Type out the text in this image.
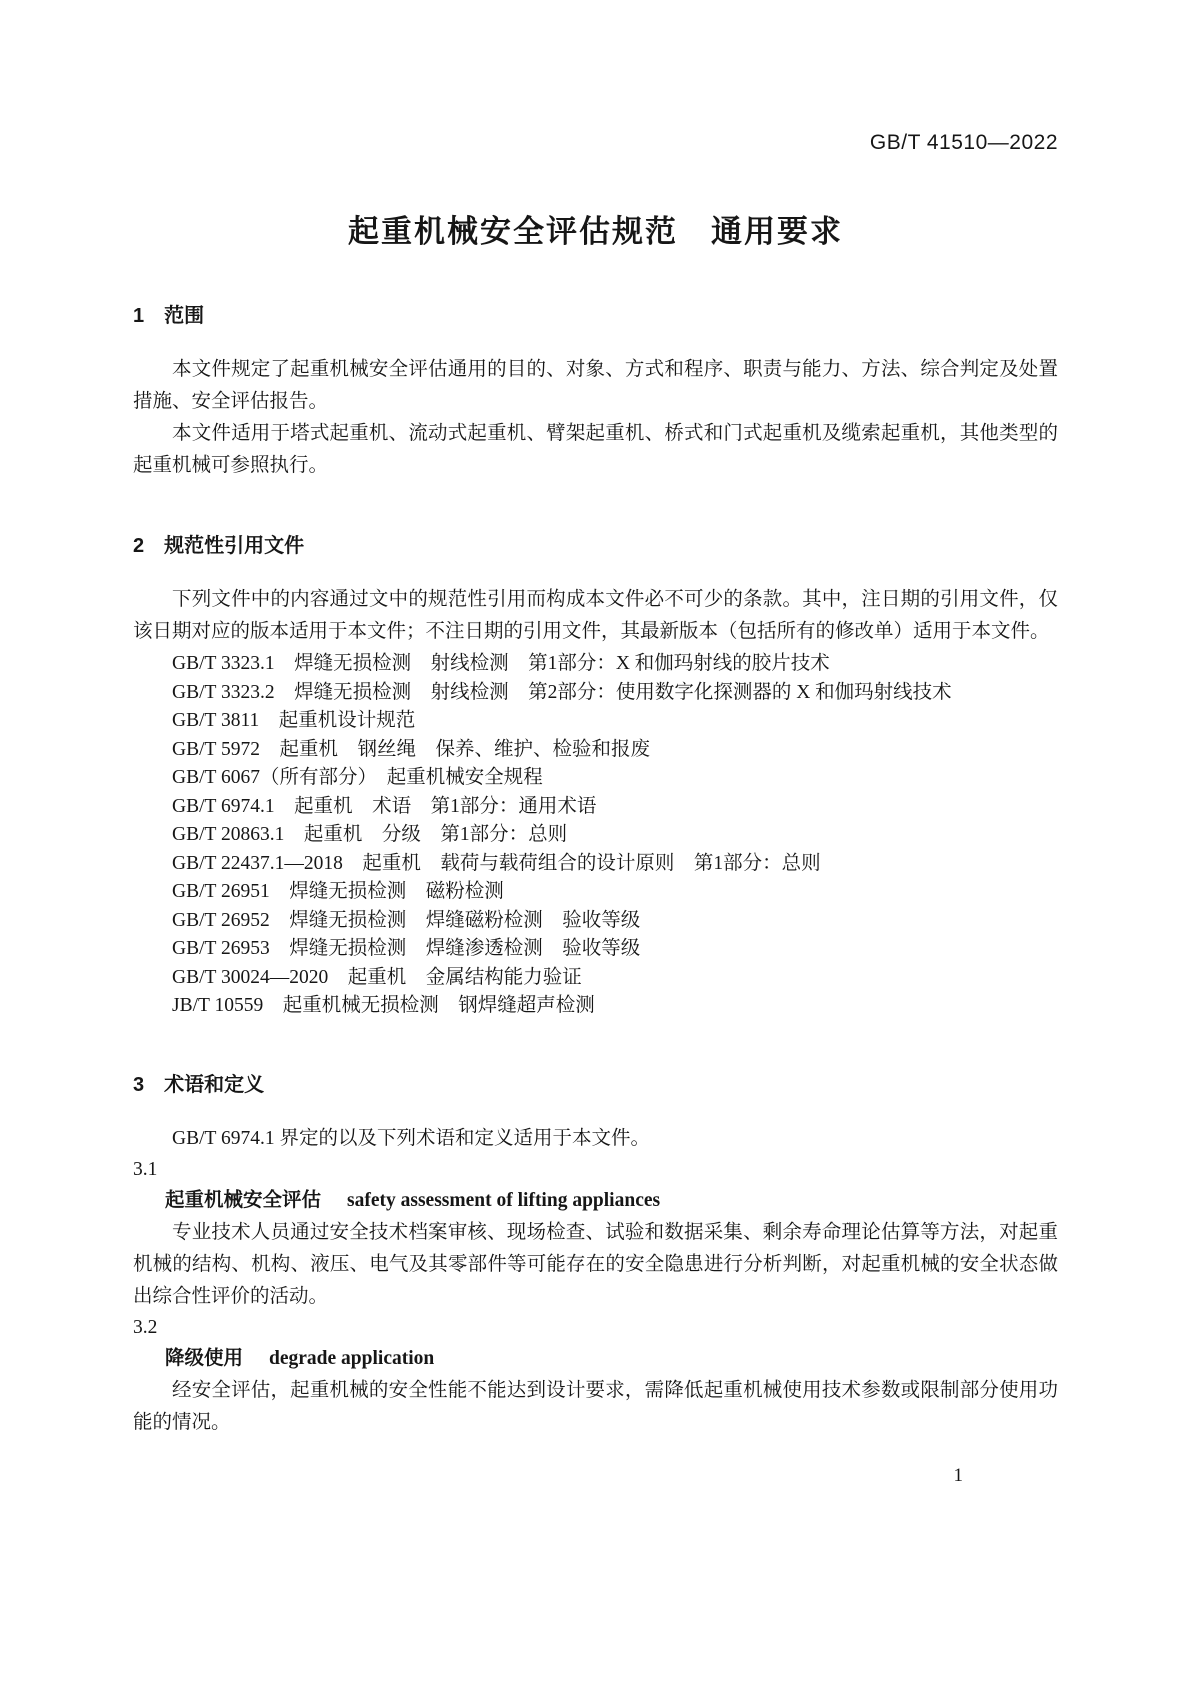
GB/T 41510—2022
起重机械安全评估规范　通用要求
1　范围

本文件规定了起重机械安全评估通用的目的、对象、方式和程序、职责与能力、方法、综合判定及处置措施、安全评估报告。

本文件适用于塔式起重机、流动式起重机、臂架起重机、桥式和门式起重机及缆索起重机，其他类型的起重机械可参照执行。

2　规范性引用文件

下列文件中的内容通过文中的规范性引用而构成本文件必不可少的条款。其中，注日期的引用文件，仅该日期对应的版本适用于本文件；不注日期的引用文件，其最新版本（包括所有的修改单）适用于本文件。

GB/T 3323.1　焊缝无损检测　射线检测　第1部分：X 和伽玛射线的胶片技术
GB/T 3323.2　焊缝无损检测　射线检测　第2部分：使用数字化探测器的 X 和伽玛射线技术
GB/T 3811　起重机设计规范
GB/T 5972　起重机　钢丝绳　保养、维护、检验和报废
GB/T 6067（所有部分）　起重机械安全规程
GB/T 6974.1　起重机　术语　第1部分：通用术语
GB/T 20863.1　起重机　分级　第1部分：总则
GB/T 22437.1—2018　起重机　载荷与载荷组合的设计原则　第1部分：总则
GB/T 26951　焊缝无损检测　磁粉检测
GB/T 26952　焊缝无损检测　焊缝磁粉检测　验收等级
GB/T 26953　焊缝无损检测　焊缝渗透检测　验收等级
GB/T 30024—2020　起重机　金属结构能力验证
JB/T 10559　起重机械无损检测　钢焊缝超声检测
3　术语和定义

GB/T 6974.1 界定的以及下列术语和定义适用于本文件。

3.1
起重机械安全评估 safety assessment of lifting appliances

专业技术人员通过安全技术档案审核、现场检查、试验和数据采集、剩余寿命理论估算等方法，对起重机械的结构、机构、液压、电气及其零部件等可能存在的安全隐患进行分析判断，对起重机械的安全状态做出综合性评价的活动。

3.2
降级使用 degrade application

经安全评估，起重机械的安全性能不能达到设计要求，需降低起重机械使用技术参数或限制部分使用功能的情况。

1
